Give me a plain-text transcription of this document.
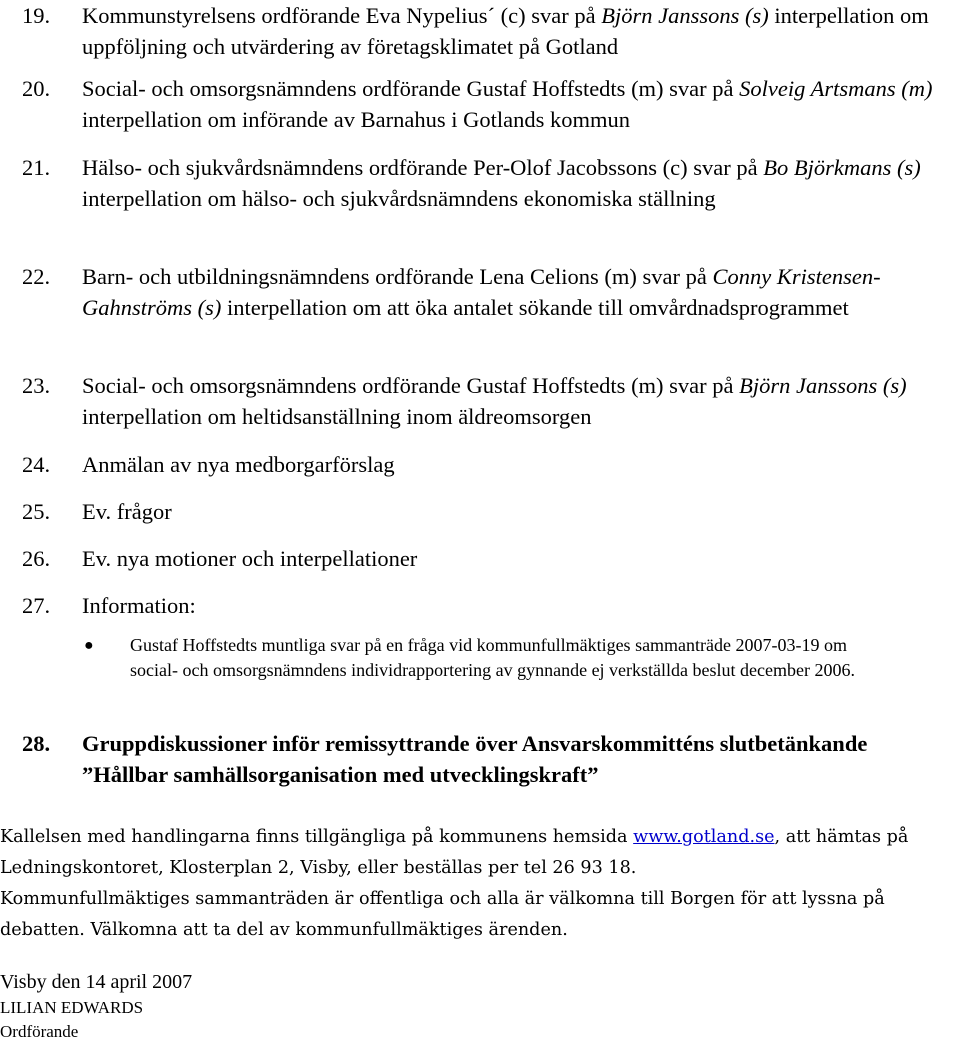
19.	Kommunstyrelsens ordförande Eva Nypelius´ (c) svar på Björn Janssons (s) interpellation om uppföljning och utvärdering av företagsklimatet på Gotland
20.	Social- och omsorgsnämndens ordförande Gustaf Hoffstedts (m) svar på Solveig Artsmans (m) interpellation om införande av Barnahus i Gotlands kommun
21.	Hälso- och sjukvårdsnämndens ordförande Per-Olof Jacobssons (c) svar på Bo Björkmans (s) interpellation om hälso- och sjukvårdsnämndens ekonomiska ställning
22.	Barn- och utbildningsnämndens ordförande Lena Celions (m) svar på Conny Kristensen-Gahnströms (s) interpellation om att öka antalet sökande till omvårdnadsprogrammet
23.	Social- och omsorgsnämndens ordförande Gustaf Hoffstedts (m) svar på Björn Janssons (s) interpellation om heltidsanställning inom äldreomsorgen
24.	Anmälan av nya medborgarförslag
25.	Ev. frågor
26.	Ev. nya motioner och interpellationer
27.	Information:
●	Gustaf Hoffstedts muntliga svar på en fråga vid kommunfullmäktiges sammanträde 2007-03-19 om social- och omsorgsnämndens individrapportering av gynnande ej verkställda beslut december 2006.
28.	Gruppdiskussioner inför remissyttrande över Ansvarskommitténs slutbetänkande ”Hållbar samhällsorganisation med utvecklingskraft”
Kallelsen med handlingarna finns tillgängliga på kommunens hemsida www.gotland.se, att hämtas på Ledningskontoret, Klosterplan 2, Visby, eller beställas per tel 26 93 18.
Kommunfullmäktiges sammanträden är offentliga och alla är välkomna till Borgen för att lyssna på debatten. Välkomna att ta del av kommunfullmäktiges ärenden.
Visby den 14 april 2007
LILIAN EDWARDS
Ordförande
